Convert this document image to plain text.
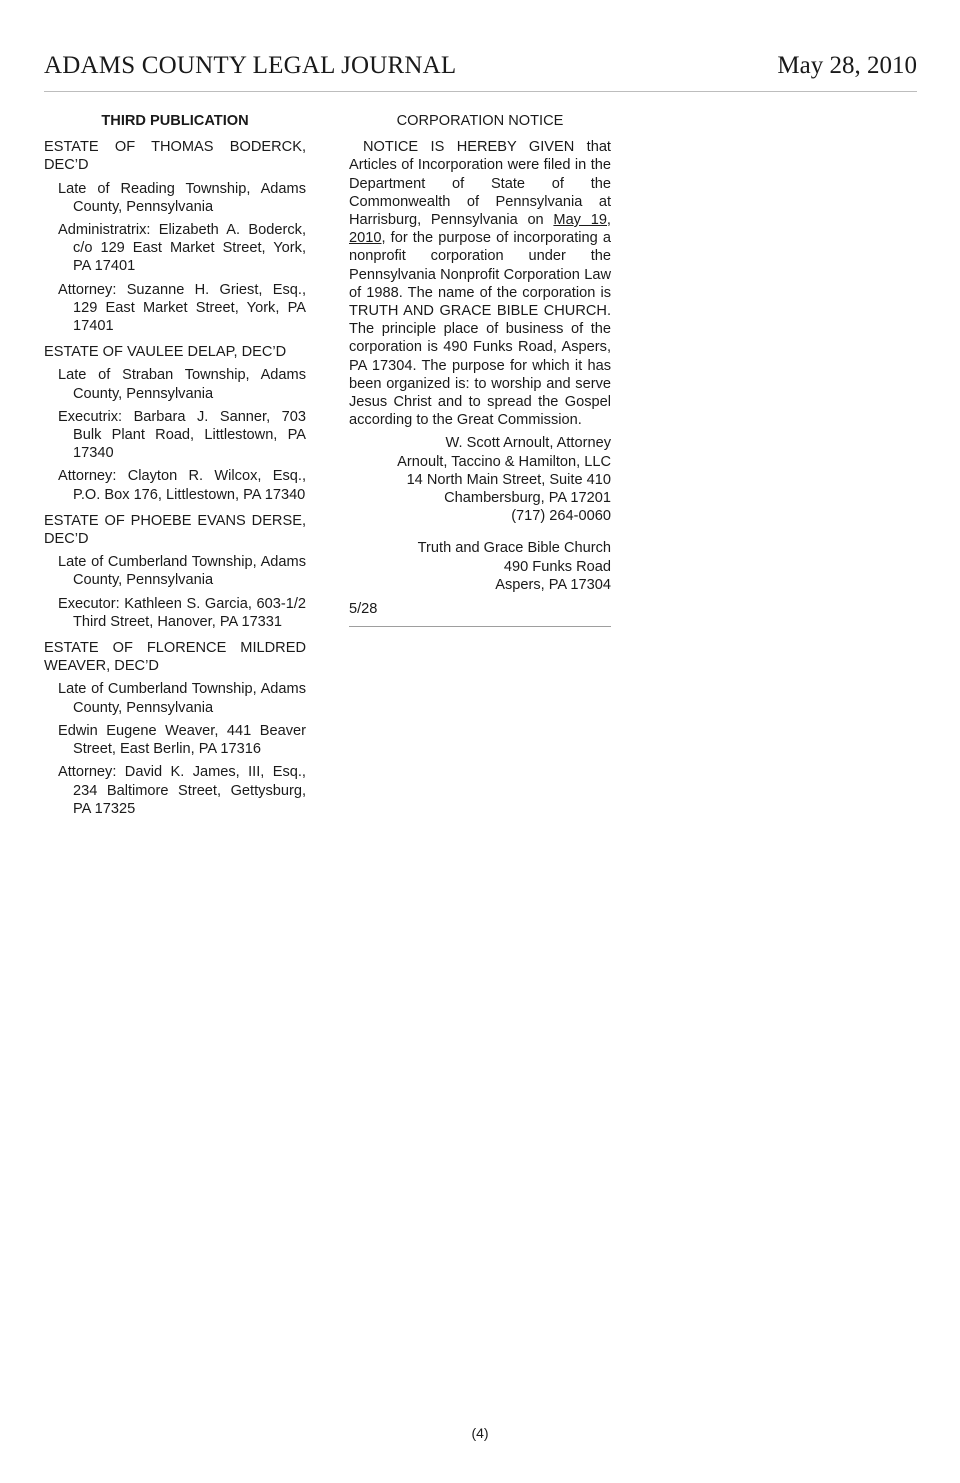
ADAMS COUNTY LEGAL JOURNAL	May 28, 2010
THIRD PUBLICATION
ESTATE OF THOMAS BODERCK, DEC’D
Late of Reading Township, Adams County, Pennsylvania
Administratrix: Elizabeth A. Boderck, c/o 129 East Market Street, York, PA 17401
Attorney: Suzanne H. Griest, Esq., 129 East Market Street, York, PA 17401
ESTATE OF VAULEE DELAP, DEC’D
Late of Straban Township, Adams County, Pennsylvania
Executrix: Barbara J. Sanner, 703 Bulk Plant Road, Littlestown, PA 17340
Attorney: Clayton R. Wilcox, Esq., P.O. Box 176, Littlestown, PA 17340
ESTATE OF PHOEBE EVANS DERSE, DEC’D
Late of Cumberland Township, Adams County, Pennsylvania
Executor: Kathleen S. Garcia, 603-1/2 Third Street, Hanover, PA 17331
ESTATE OF FLORENCE MILDRED WEAVER, DEC’D
Late of Cumberland Township, Adams County, Pennsylvania
Edwin Eugene Weaver, 441 Beaver Street, East Berlin, PA 17316
Attorney: David K. James, III, Esq., 234 Baltimore Street, Gettysburg, PA 17325
CORPORATION NOTICE
NOTICE IS HEREBY GIVEN that Articles of Incorporation were filed in the Department of State of the Commonwealth of Pennsylvania at Harrisburg, Pennsylvania on May 19, 2010, for the purpose of incorporating a nonprofit corporation under the Pennsylvania Nonprofit Corporation Law of 1988. The name of the corporation is TRUTH AND GRACE BIBLE CHURCH. The principle place of business of the corporation is 490 Funks Road, Aspers, PA 17304. The purpose for which it has been organized is: to worship and serve Jesus Christ and to spread the Gospel according to the Great Commission.
W. Scott Arnoult, Attorney
Arnoult, Taccino & Hamilton, LLC
14 North Main Street, Suite 410
Chambersburg, PA 17201
(717) 264-0060
Truth and Grace Bible Church
490 Funks Road
Aspers, PA 17304
5/28
(4)
